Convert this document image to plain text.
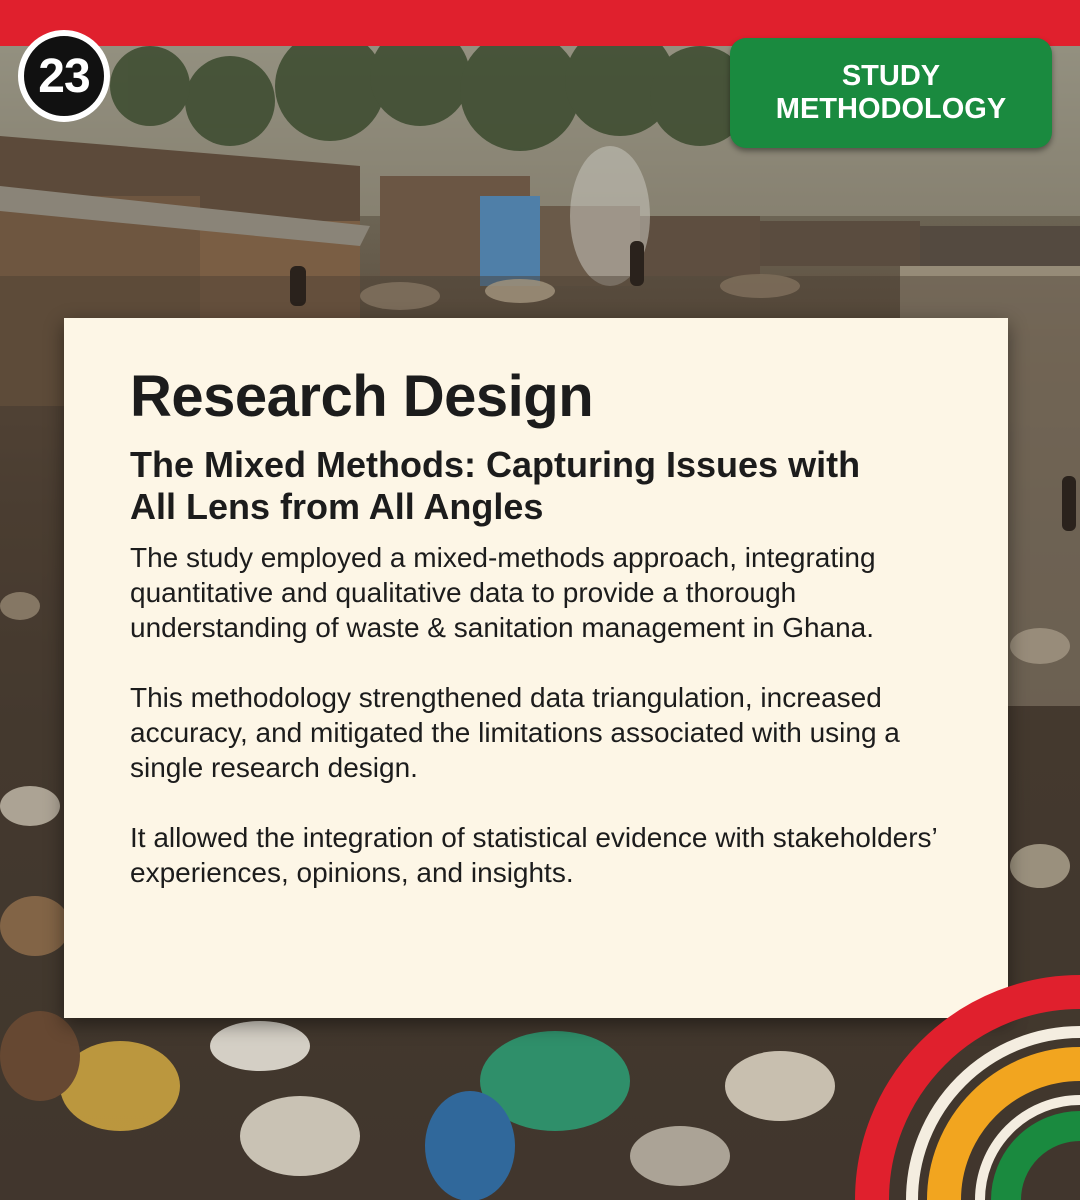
23	STUDY
METHODOLOGY
Research Design
The Mixed Methods: Capturing Issues with All Lens from All Angles

The study employed a mixed-methods approach, integrating quantitative and qualitative data to provide a thorough understanding of waste & sanitation management in Ghana.

This methodology strengthened data triangulation, increased accuracy, and mitigated the limitations associated with using a single research design.

It allowed the integration of statistical evidence with stakeholders’ experiences, opinions, and insights.
